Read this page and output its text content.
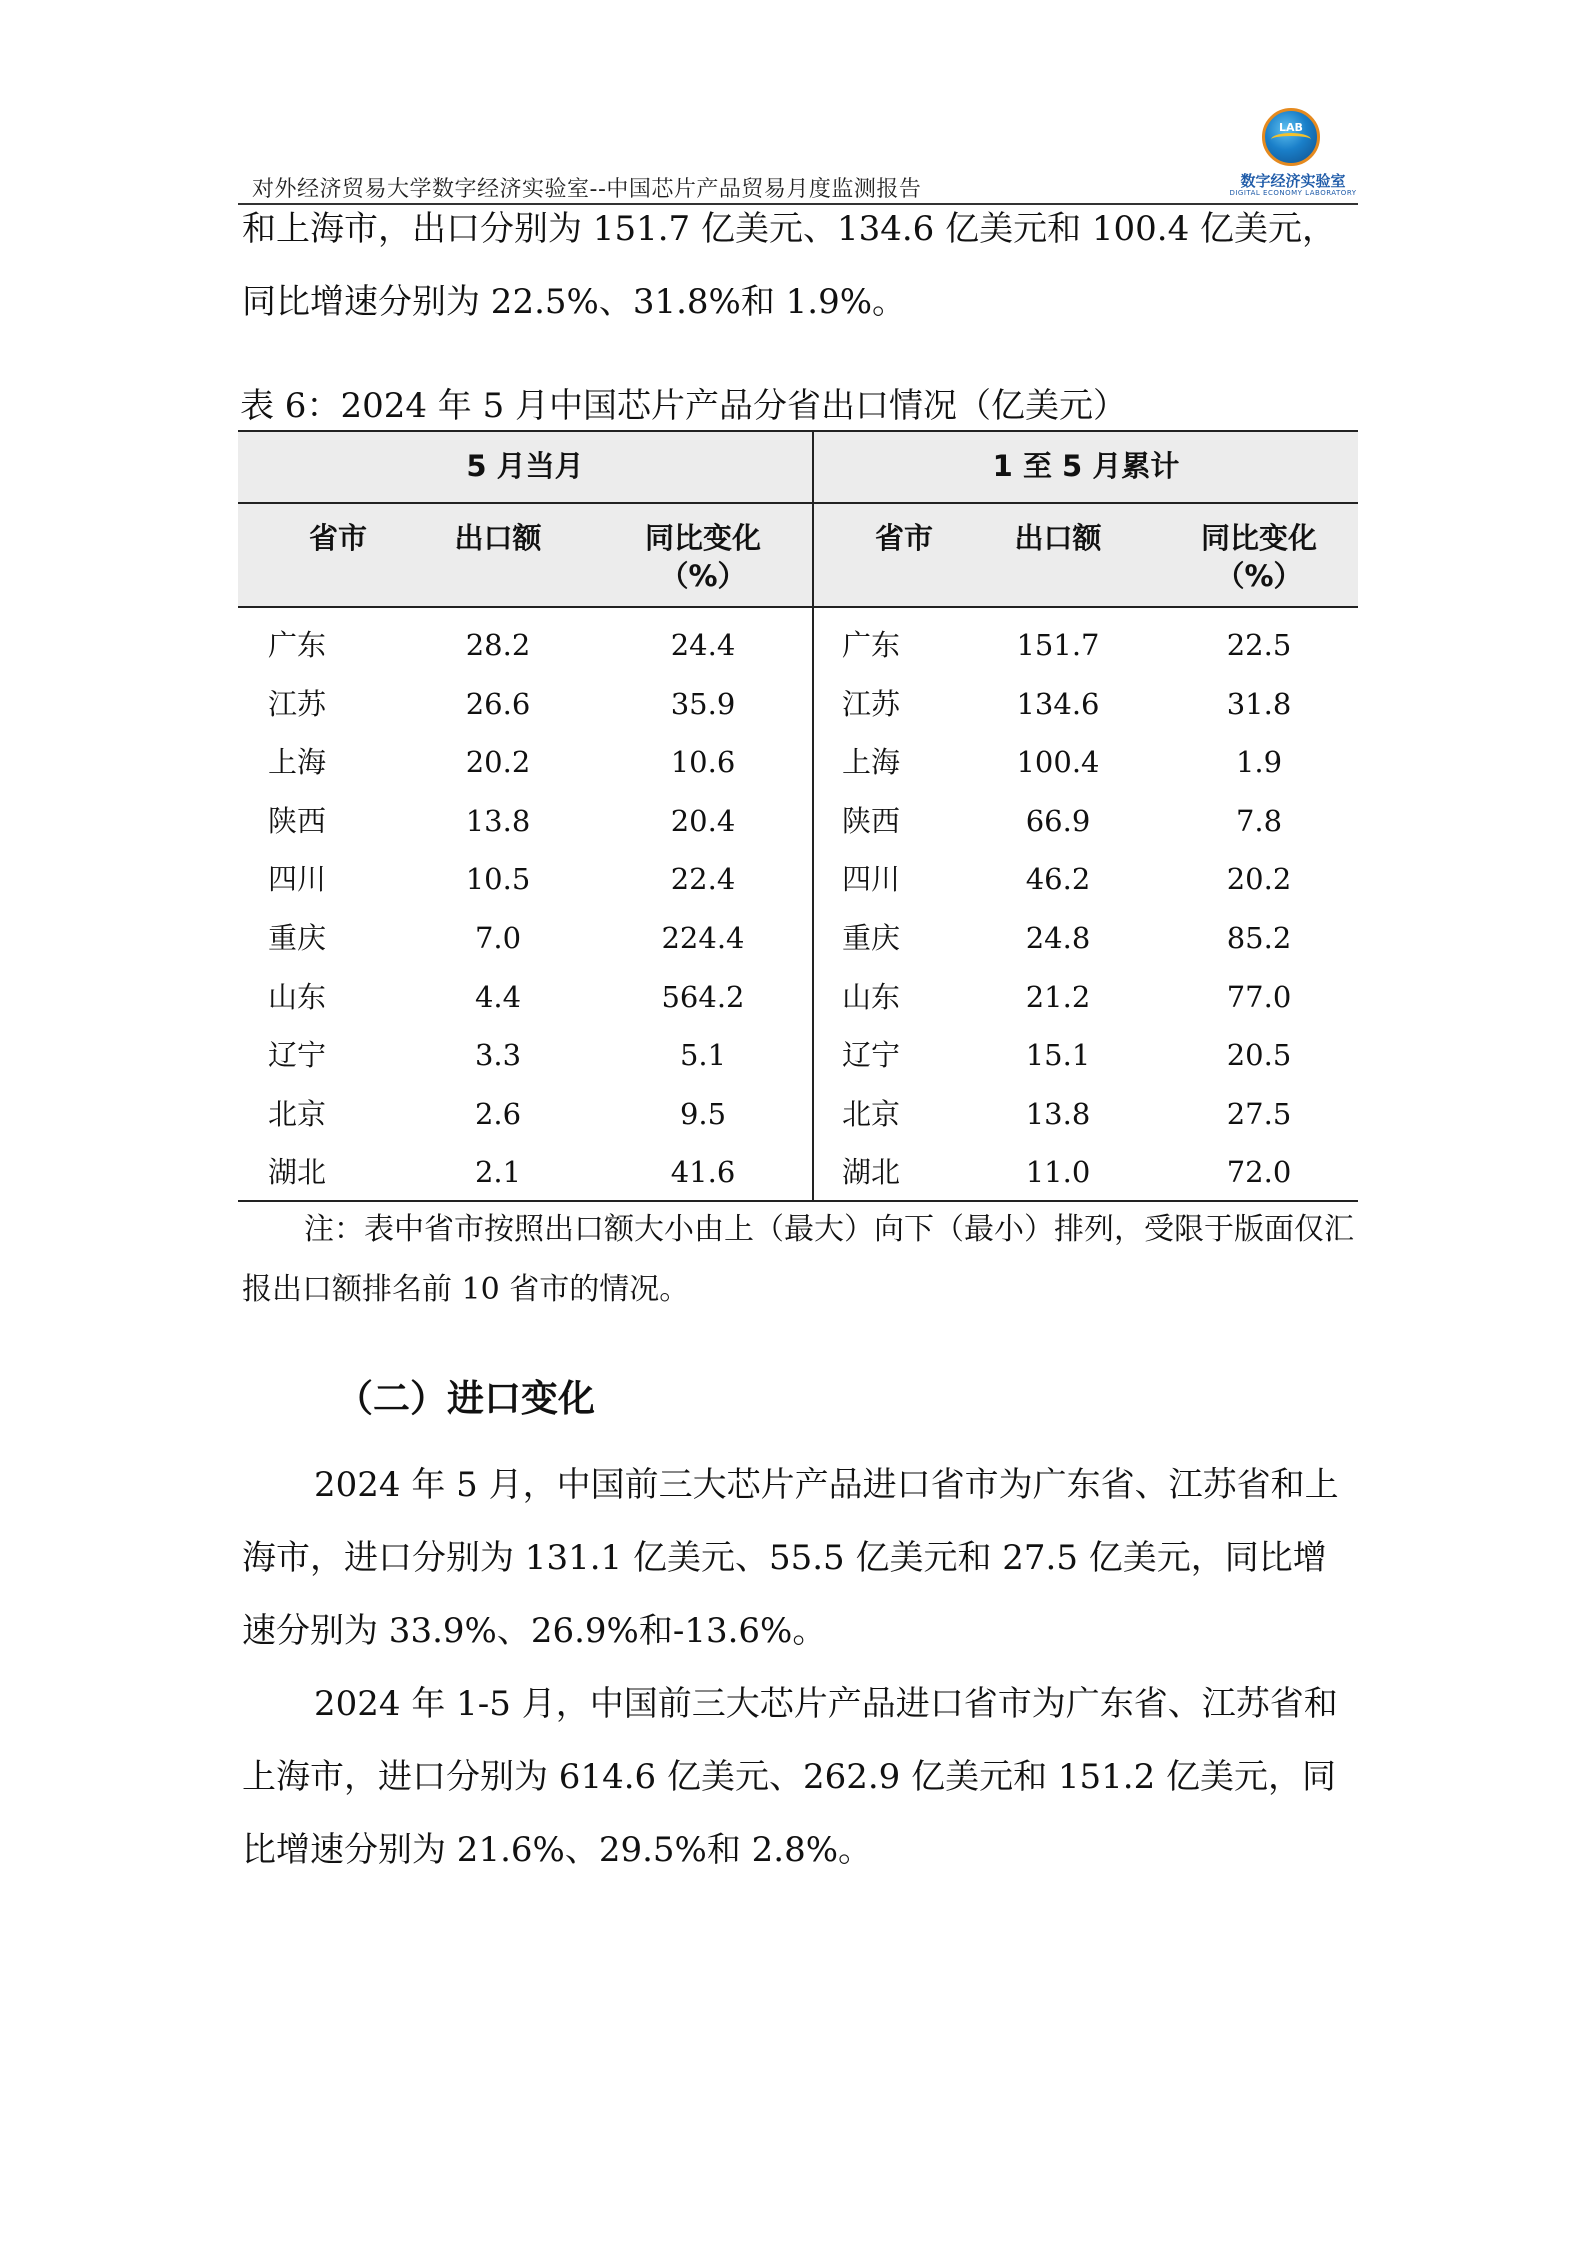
对外经济贸易大学数字经济实验室--中国芯片产品贸易月度监测报告
LAB
数字经济实验室
DIGITAL ECONOMY LABORATORY

和上海市，出口分别为 151.7 亿美元、134.6 亿美元和 100.4 亿美元，同比增速分别为 22.5%、31.8%和 1.9%。

表 6：2024 年 5 月中国芯片产品分省出口情况（亿美元）
5 月当月	1 至 5 月累计
省市	出口额	同比变化
（%）
省市	出口额	同比变化
（%）
广东	28.2	24.4	广东	151.7	22.5
江苏	26.6	35.9	江苏	134.6	31.8
上海	20.2	10.6	上海	100.4	1.9
陕西	13.8	20.4	陕西	66.9	7.8
四川	10.5	22.4	四川	46.2	20.2
重庆	7.0	224.4	重庆	24.8	85.2
山东	4.4	564.2	山东	21.2	77.0
辽宁	3.3	5.1	辽宁	15.1	20.5
北京	2.6	9.5	北京	13.8	27.5
湖北	2.1	41.6	湖北	11.0	72.0

注：表中省市按照出口额大小由上（最大）向下（最小）排列，受限于版面仅汇报出口额排名前 10 省市的情况。

（二）进口变化

2024 年 5 月，中国前三大芯片产品进口省市为广东省、江苏省和上海市，进口分别为 131.1 亿美元、55.5 亿美元和 27.5 亿美元，同比增速分别为 33.9%、26.9%和-13.6%。

2024 年 1-5 月，中国前三大芯片产品进口省市为广东省、江苏省和上海市，进口分别为 614.6 亿美元、262.9 亿美元和 151.2 亿美元，同比增速分别为 21.6%、29.5%和 2.8%。
